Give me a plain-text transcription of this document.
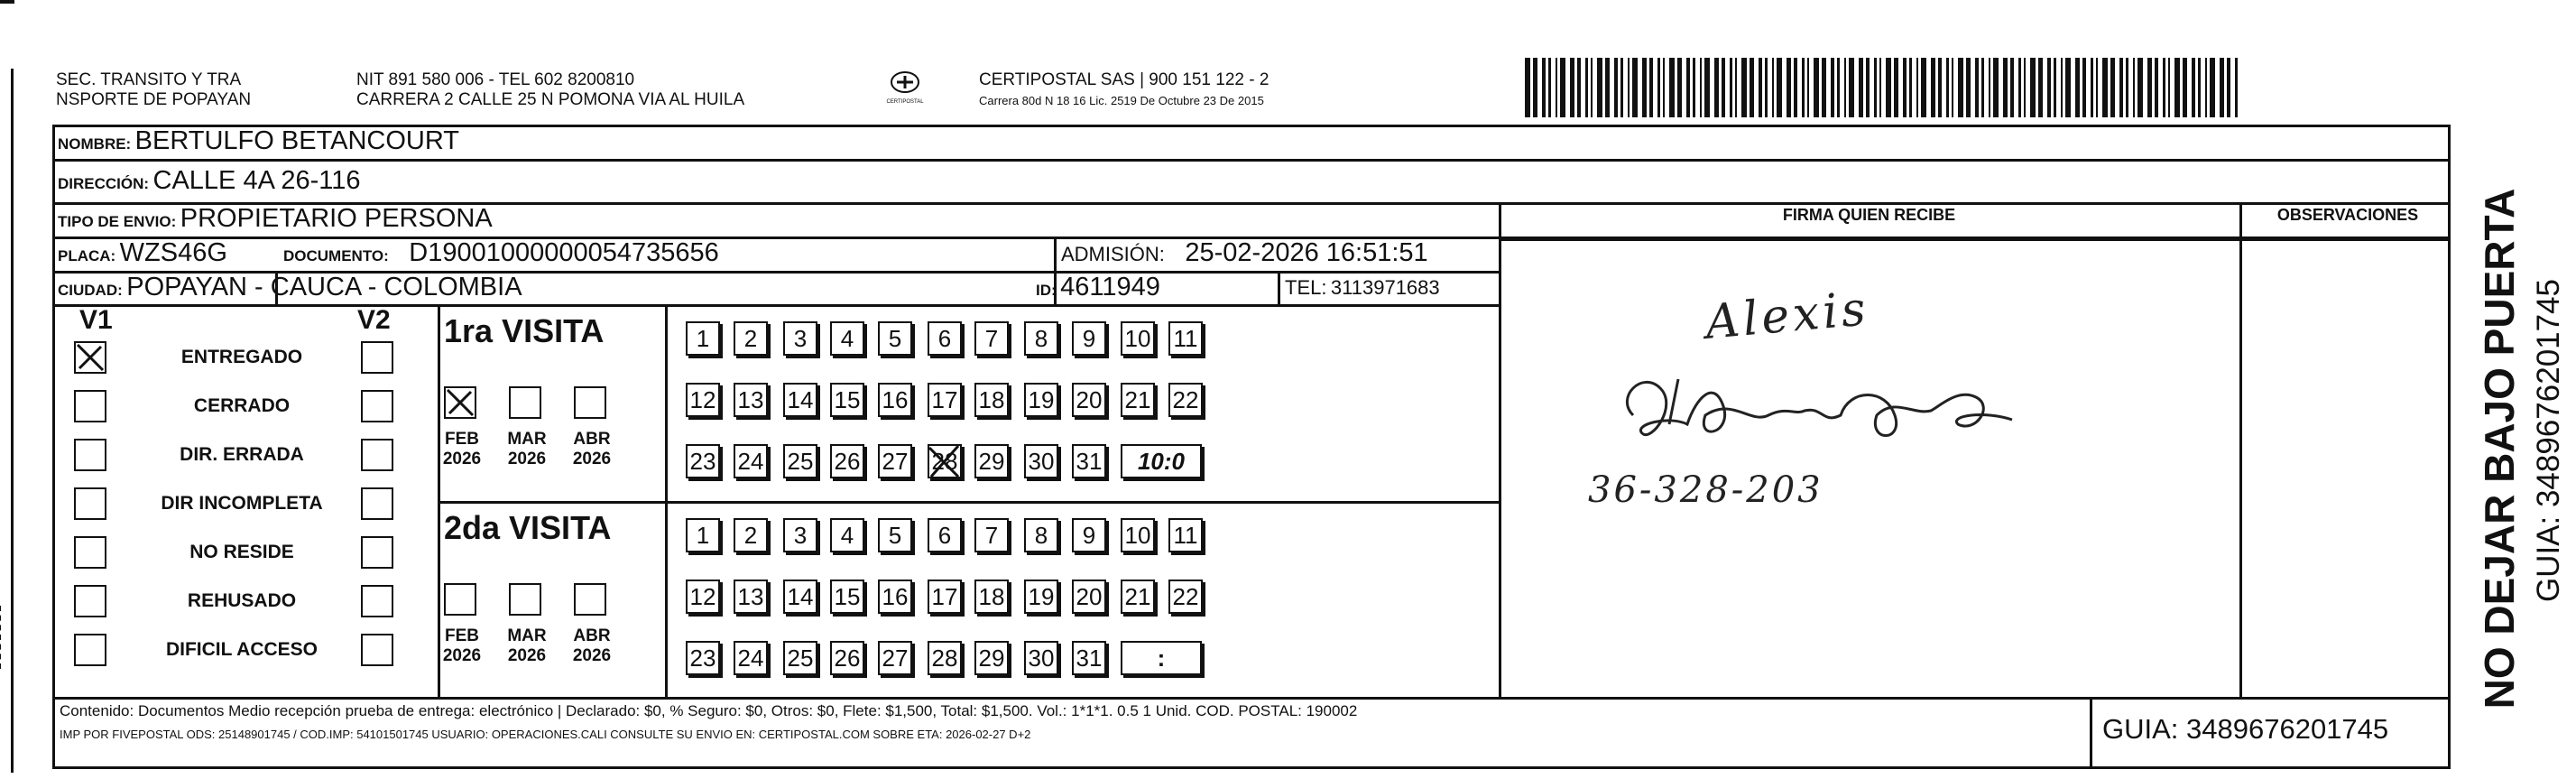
SEC. TRANSITO Y TRA
NSPORTE DE POPAYAN
NIT 891 580 006 - TEL 602 8200810
CARRERA 2 CALLE 25 N POMONA VIA AL HUILA	CERTIPOSTAL
CERTIPOSTAL SAS | 900 151 122 - 2
Carrera 80d N 18 16 Lic. 2519 De Octubre 23 De 2015
NOMBRE: BERTULFO BETANCOURT
DIRECCIÓN: CALLE 4A 26-116
TIPO DE ENVIO: PROPIETARIO PERSONA
PLACA: WZS46G	DOCUMENTO: D19001000000054735656	ADMISIÓN: 25-02-2026 16:51:51
CIUDAD: POPAYAN - CAUCA - COLOMBIA	ID: 4611949	TEL: 3113971683
FIRMA QUIEN RECIBE	OBSERVACIONES
Alexis
36-328-203
V1	V2
ENTREGADO
CERRADO
DIR. ERRADA
DIR INCOMPLETA
NO RESIDE
REHUSADO
DIFICIL ACCESO
1ra VISITA
FEB
2026
MAR
2026
ABR
2026
1	2	3	4	5	6	7	8	9	10 11
12 13 14 15 16 17 18 19 20 21 22
23 24 25 26 27 28 29 30 31	10:0
2da VISITA
FEB
2026
MAR
2026
ABR
2026
1	2	3	4	5	6	7	8	9	10 11
12 13 14 15 16 17 18 19 20 21 22
23 24 25 26 27 28 29 30 31	:
Contenido: Documentos Medio recepción prueba de entrega: electrónico | Declarado: $0, % Seguro: $0, Otros: $0, Flete: $1,500, Total: $1,500. Vol.: 1*1*1. 0.5 1 Unid. COD. POSTAL: 190002
IMP POR FIVEPOSTAL ODS: 25148901745 / COD.IMP: 54101501745 USUARIO: OPERACIONES.CALI CONSULTE SU ENVIO EN: CERTIPOSTAL.COM SOBRE ETA: 2026-02-27 D+2	GUIA: 3489676201745
NO DEJAR BAJO PUERTA GUIA: 3489676201745
